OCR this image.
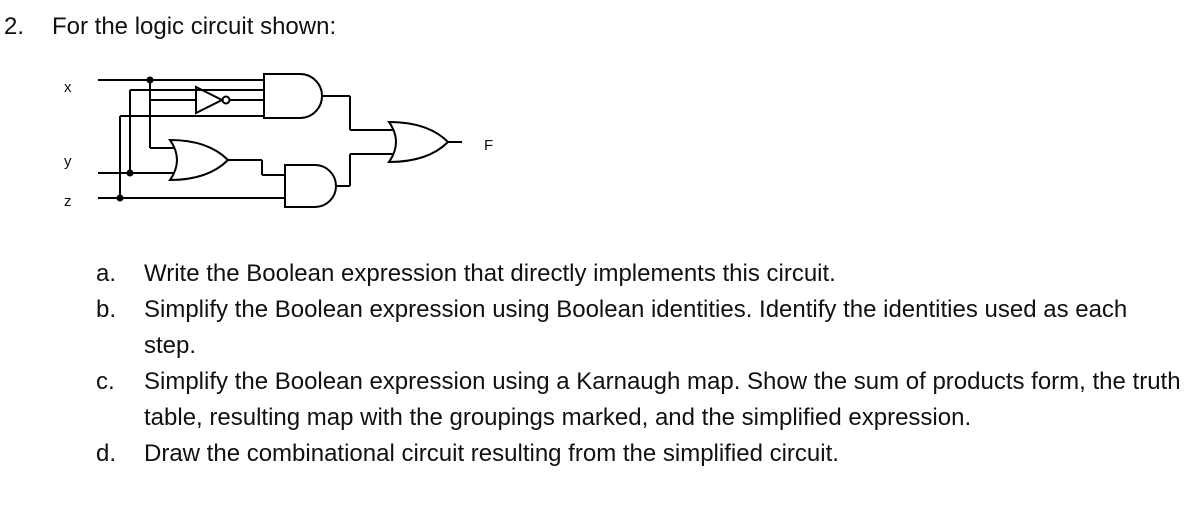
2. For the logic circuit shown:
x
y
z
F
a.	Write the Boolean expression that directly implements this circuit.
b.	Simplify the Boolean expression using Boolean identities. Identify the identities used as each step.
c.	Simplify the Boolean expression using a Karnaugh map. Show the sum of products form, the truth table, resulting map with the groupings marked, and the simplified expression.
d.	Draw the combinational circuit resulting from the simplified circuit.
